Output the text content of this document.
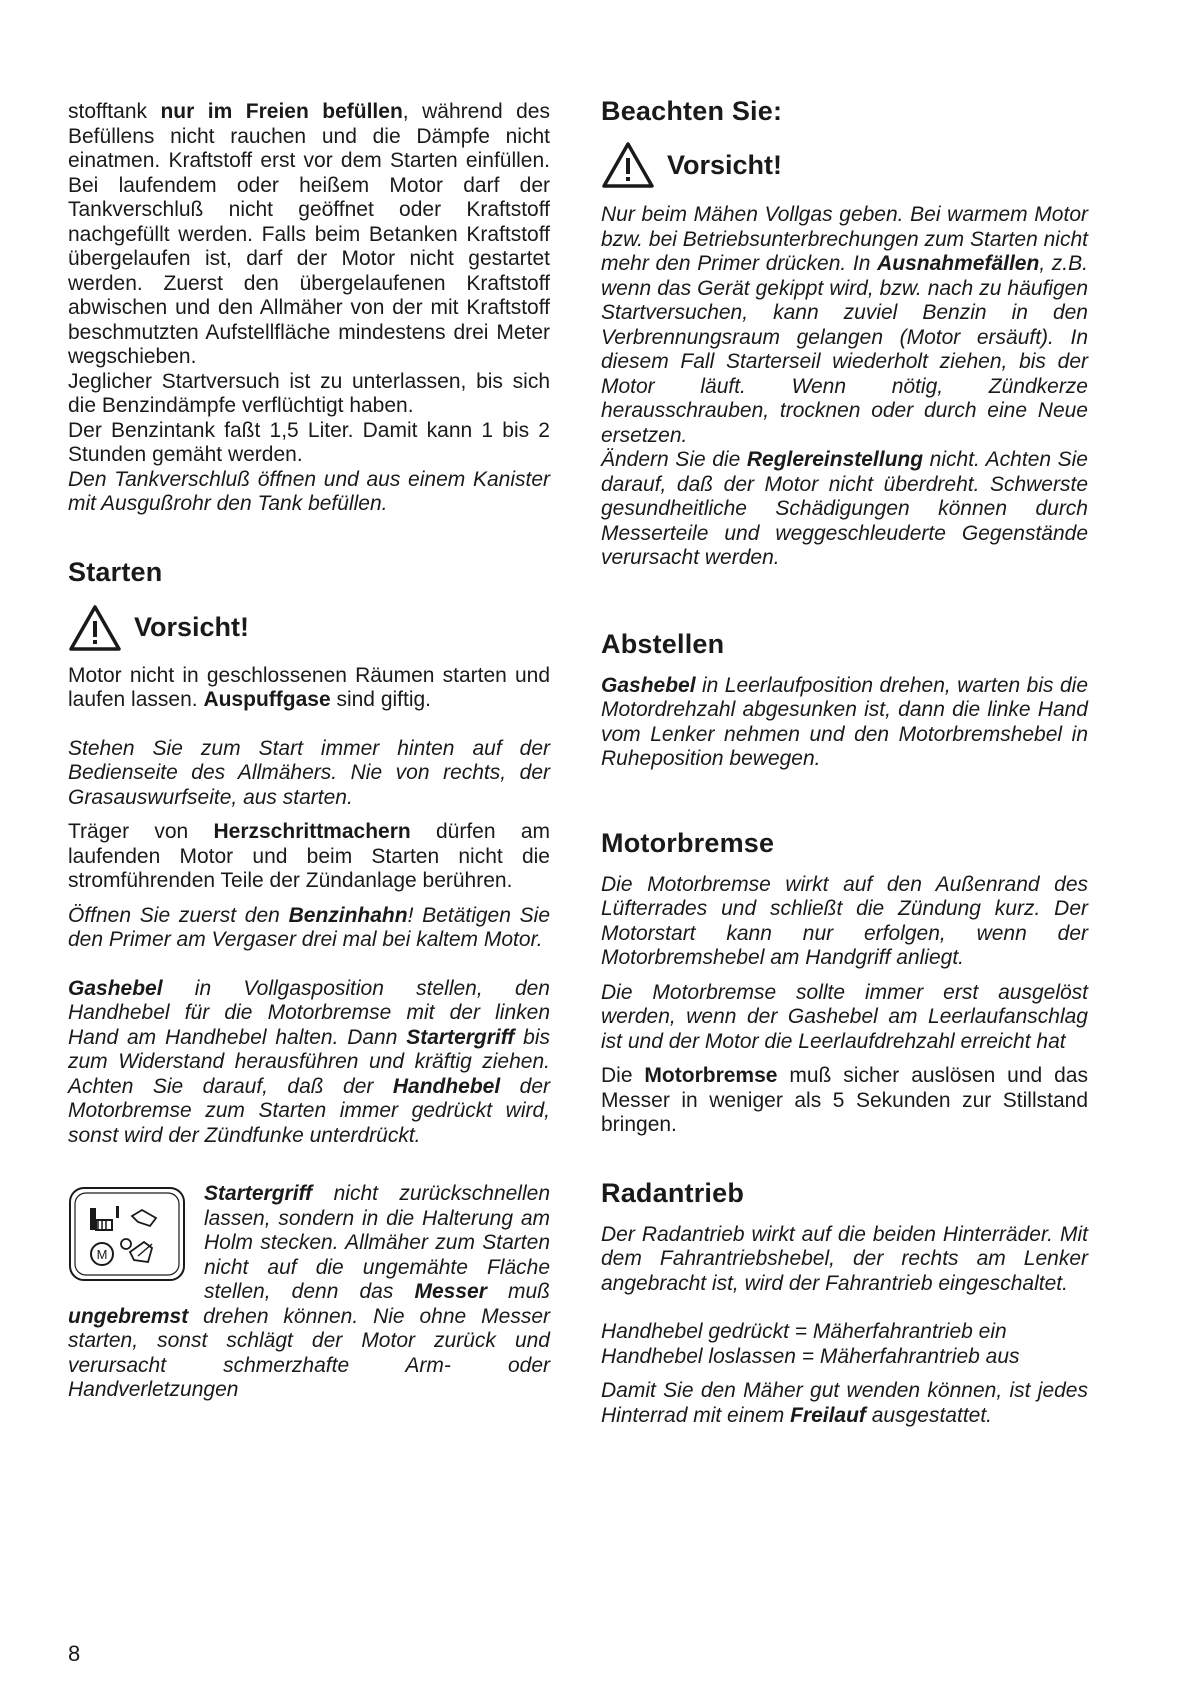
stofftank nur im Freien befüllen, während des Befüllens nicht rauchen und die Dämpfe nicht einatmen. Kraftstoff erst vor dem Starten einfüllen. Bei laufendem oder heißem Motor darf der Tankverschluß nicht geöffnet oder Kraftstoff nachgefüllt werden. Falls beim Betanken Kraftstoff übergelaufen ist, darf der Motor nicht gestartet werden. Zuerst den übergelaufenen Kraftstoff abwischen und den Allmäher von der mit Kraftstoff beschmutzten Aufstellfläche mindestens drei Meter wegschieben.

Jeglicher Startversuch ist zu unterlassen, bis sich die Benzindämpfe verflüchtigt haben.

Der Benzintank faßt 1,5 Liter. Damit kann 1 bis 2 Stunden gemäht werden.

Den Tankverschluß öffnen und aus einem Kanister mit Ausgußrohr den Tank befüllen.

Starten
Vorsicht!

Motor nicht in geschlossenen Räumen starten und laufen lassen. Auspuffgase sind giftig.

Stehen Sie zum Start immer hinten auf der Bedienseite des Allmähers. Nie von rechts, der Grasauswurfseite, aus starten.

Träger von Herzschrittmachern dürfen am laufenden Motor und beim Starten nicht die stromführenden Teile der Zündanlage berühren.

Öffnen Sie zuerst den Benzinhahn! Betätigen Sie den Primer am Vergaser drei mal bei kaltem Motor.

Gashebel in Vollgasposition stellen, den Handhebel für die Motorbremse mit der linken Hand am Handhebel halten. Dann Startergriff bis zum Widerstand herausführen und kräftig ziehen. Achten Sie darauf, daß der Handhebel der Motorbremse zum Starten immer gedrückt wird, sonst wird der Zündfunke unterdrückt.

M

Startergriff nicht zurückschnellen lassen, sondern in die Halterung am Holm stecken. Allmäher zum Starten nicht auf die ungemähte Fläche stellen, denn das Messer muß ungebremst drehen können. Nie ohne Messer starten, sonst schlägt der Motor zurück und verursacht schmerzhafte Arm- oder Handverletzungen

Beachten Sie:
Vorsicht!

Nur beim Mähen Vollgas geben. Bei warmem Motor bzw. bei Betriebsunterbrechungen zum Starten nicht mehr den Primer drücken. In Ausnahmefällen, z.B. wenn das Gerät gekippt wird, bzw. nach zu häufigen Startversuchen, kann zuviel Benzin in den Verbrennungsraum gelangen (Motor ersäuft). In diesem Fall Starterseil wiederholt ziehen, bis der Motor läuft. Wenn nötig, Zündkerze herausschrauben, trocknen oder durch eine Neue ersetzen.

Ändern Sie die Reglereinstellung nicht. Achten Sie darauf, daß der Motor nicht überdreht. Schwerste gesundheitliche Schädigungen können durch Messerteile und weggeschleuderte Gegenstände verursacht werden.

Abstellen

Gashebel in Leerlaufposition drehen, warten bis die Motordrehzahl abgesunken ist, dann die linke Hand vom Lenker nehmen und den Motorbremshebel in Ruheposition bewegen.

Motorbremse

Die Motorbremse wirkt auf den Außenrand des Lüfterrades und schließt die Zündung kurz. Der Motorstart kann nur erfolgen, wenn der Motorbremshebel am Handgriff anliegt.

Die Motorbremse sollte immer erst ausgelöst werden, wenn der Gashebel am Leerlaufanschlag ist und der Motor die Leerlaufdrehzahl erreicht hat

Die Motorbremse muß sicher auslösen und das Messer in weniger als 5 Sekunden zur Stillstand bringen.

Radantrieb

Der Radantrieb wirkt auf die beiden Hinterräder. Mit dem Fahrantriebshebel, der rechts am Lenker angebracht ist, wird der Fahrantrieb eingeschaltet.

Handhebel gedrückt = Mäherfahrantrieb ein
Handhebel loslassen = Mäherfahrantrieb aus

Damit Sie den Mäher gut wenden können, ist jedes Hinterrad mit einem Freilauf ausgestattet.

8
